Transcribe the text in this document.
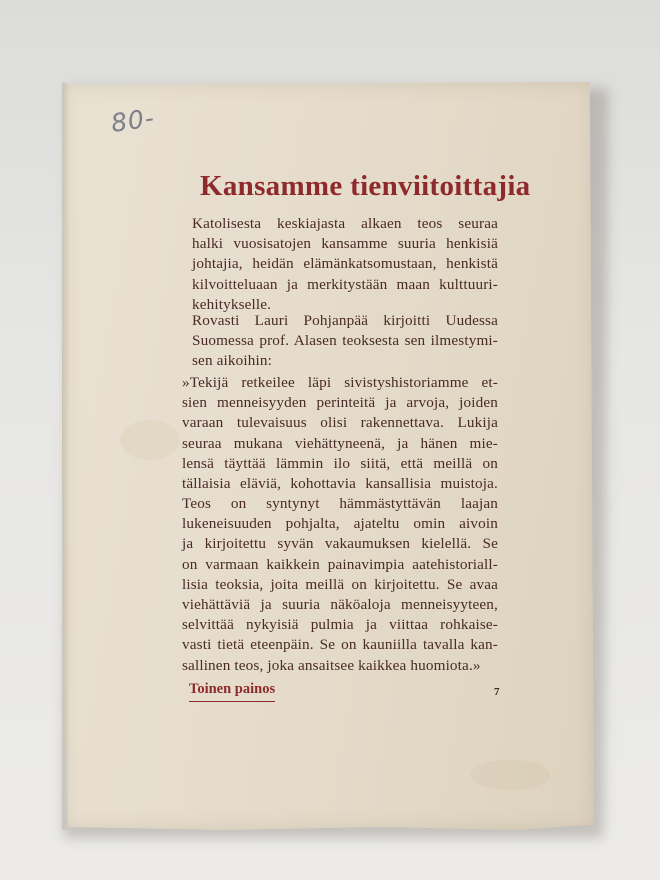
80-
Kansamme tienviitoittajia
Katolisesta keskiajasta alkaen teos seuraa
halki vuosisatojen kansamme suuria henkisiä
johtajia, heidän elämänkatsomustaan, henkistä
kilvoitteluaan ja merkitystään maan kulttuuri-
kehitykselle.
Rovasti Lauri Pohjanpää kirjoitti Uudessa
Suomessa prof. Alasen teoksesta sen ilmestymi-
sen aikoihin:
»Tekijä retkeilee läpi sivistyshistoriamme et-
sien menneisyyden perinteitä ja arvoja, joiden
varaan tulevaisuus olisi rakennettava. Lukija
seuraa mukana viehättyneenä, ja hänen mie-
lensä täyttää lämmin ilo siitä, että meillä on
tällaisia eläviä, kohottavia kansallisia muistoja.
Teos on syntynyt hämmästyttävän laajan
lukeneisuuden pohjalta, ajateltu omin aivoin
ja kirjoitettu syvän vakaumuksen kielellä. Se
on varmaan kaikkein painavimpia aatehistoriall-
lisia teoksia, joita meillä on kirjoitettu. Se avaa
viehättäviä ja suuria näköaloja menneisyyteen,
selvittää nykyisiä pulmia ja viittaa rohkaise-
vasti tietä eteenpäin. Se on kauniilla tavalla kan-
sallinen teos, joka ansaitsee kaikkea huomiota.»
Toinen painos	7
